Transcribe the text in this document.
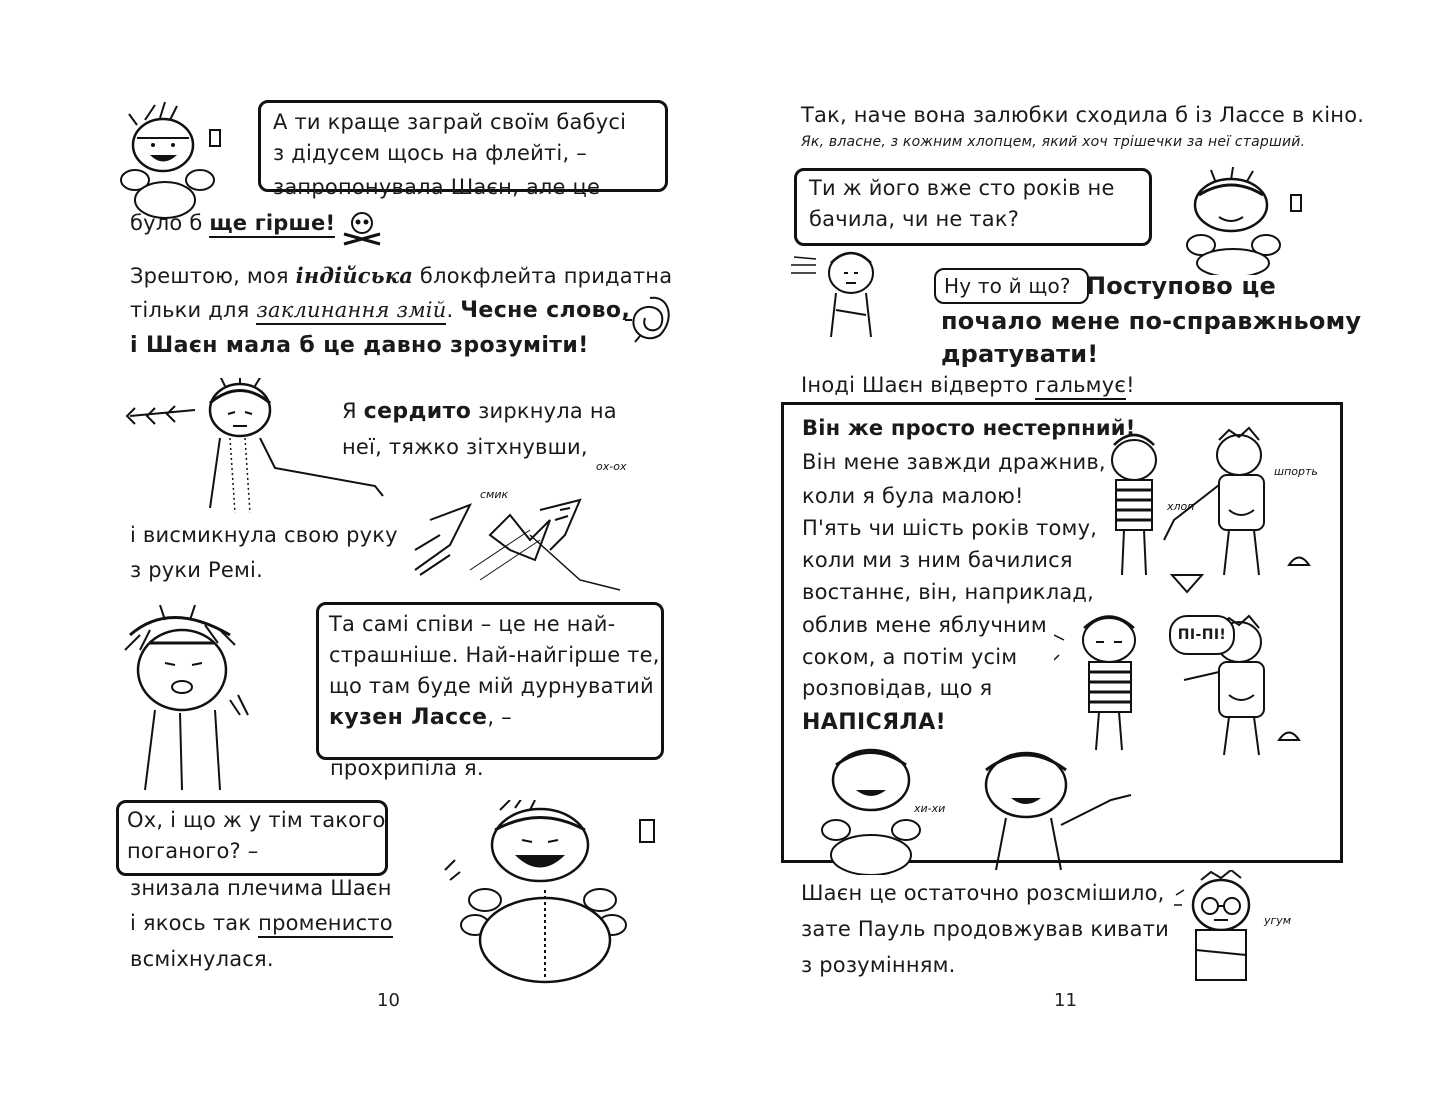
А ти краще заграй своїм бабусі
з дідусем щось на флейті, –
запропонувала Шаєн, але це
було б ще гірше!
Зрештою, моя індійська блокфлейта придатна
тільки для заклинання змій. Чесне слово,
і Шаєн мала б це давно зрозуміти!
Я сердито зиркнула на
неї, тяжко зітхнувши,
ох-ох
смик
і висмикнула свою руку
з руки Ремі.
Та самі співи – це не най-
страшніше. Най-найгірше те,
що там буде мій дурнуватий
кузен Лассе, –
прохрипіла я.
Ох, і що ж у тім такого
поганого? –
знизала плечима Шаєн
і якось так променисто
всміхнулася.
10
Так, наче вона залюбки сходила б із Лассе в кіно.
Як, власне, з кожним хлопцем, який хоч трішечки за неї старший.
Ти ж його вже сто років не
бачила, чи не так?
Ну то й що? Поступово це
почало мене по-справжньому
дратувати!
Іноді Шаєн відверто гальмує!
Він же просто нестерпний!
Він мене завжди дражнив,
коли я була малою!
П'ять чи шість років тому,
коли ми з ним бачилися
востаннє, він, наприклад,
облив мене яблучним
соком, а потім усім
розповідав, що я
НАПІСЯЛА!
хлоп
шпорть
ПІ-ПІ!
хи-хи
Шаєн це остаточно розсмішило,
зате Пауль продовжував кивати
з розумінням.
угум
11
